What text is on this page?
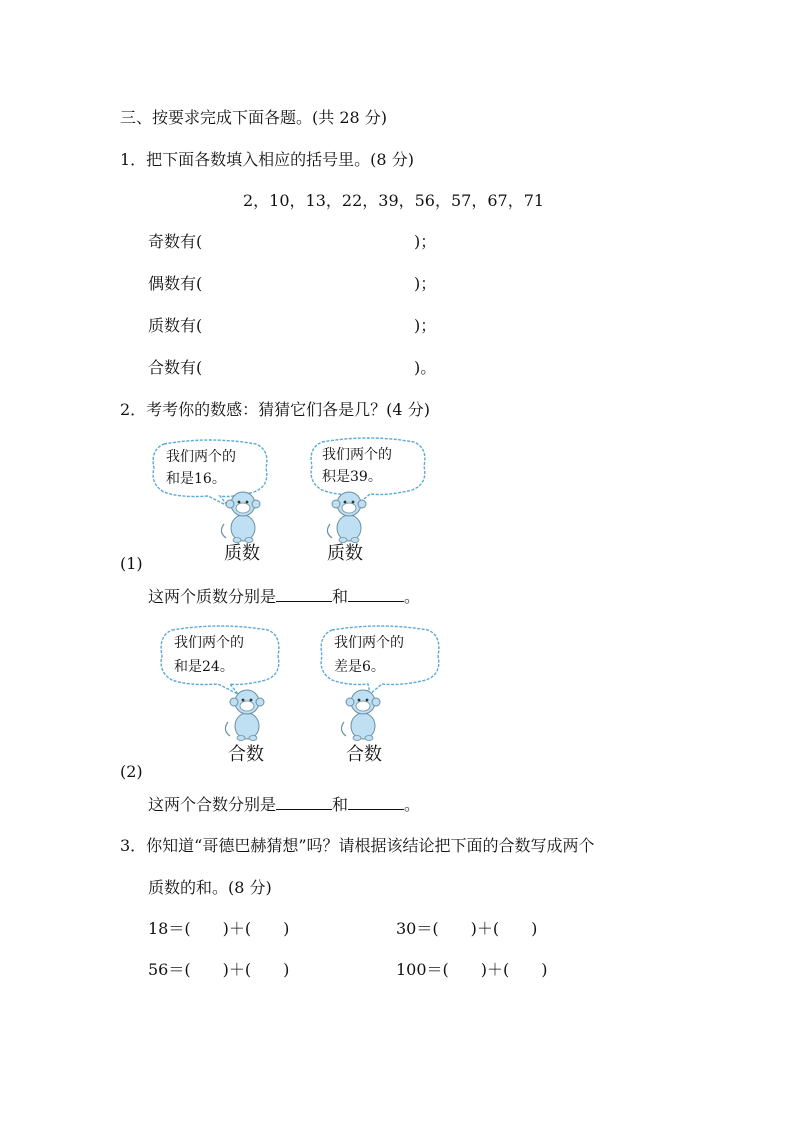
三、按要求完成下面各题。(共 28 分)
1．把下面各数填入相应的括号里。(8 分)
2，10，13，22，39，56，57，67，71
奇数有(	)；
偶数有(	)；
质数有(	)；
合数有(	)。
2．考考你的数感：猜猜它们各是几？(4 分)
我们两个的
和是16。
我们两个的
积是39。
质数	质数
(1)
这两个质数分别是	和	。
我们两个的
和是24。
我们两个的
差是6。
合数	合数
(2)
这两个合数分别是	和	。
3．你知道“哥德巴赫猜想”吗？请根据该结论把下面的合数写成两个
质数的和。(8 分)
18＝(　　)＋(　　)	30＝(　　)＋(　　)
56＝(　　)＋(　　)	100＝(　　)＋(　　)
